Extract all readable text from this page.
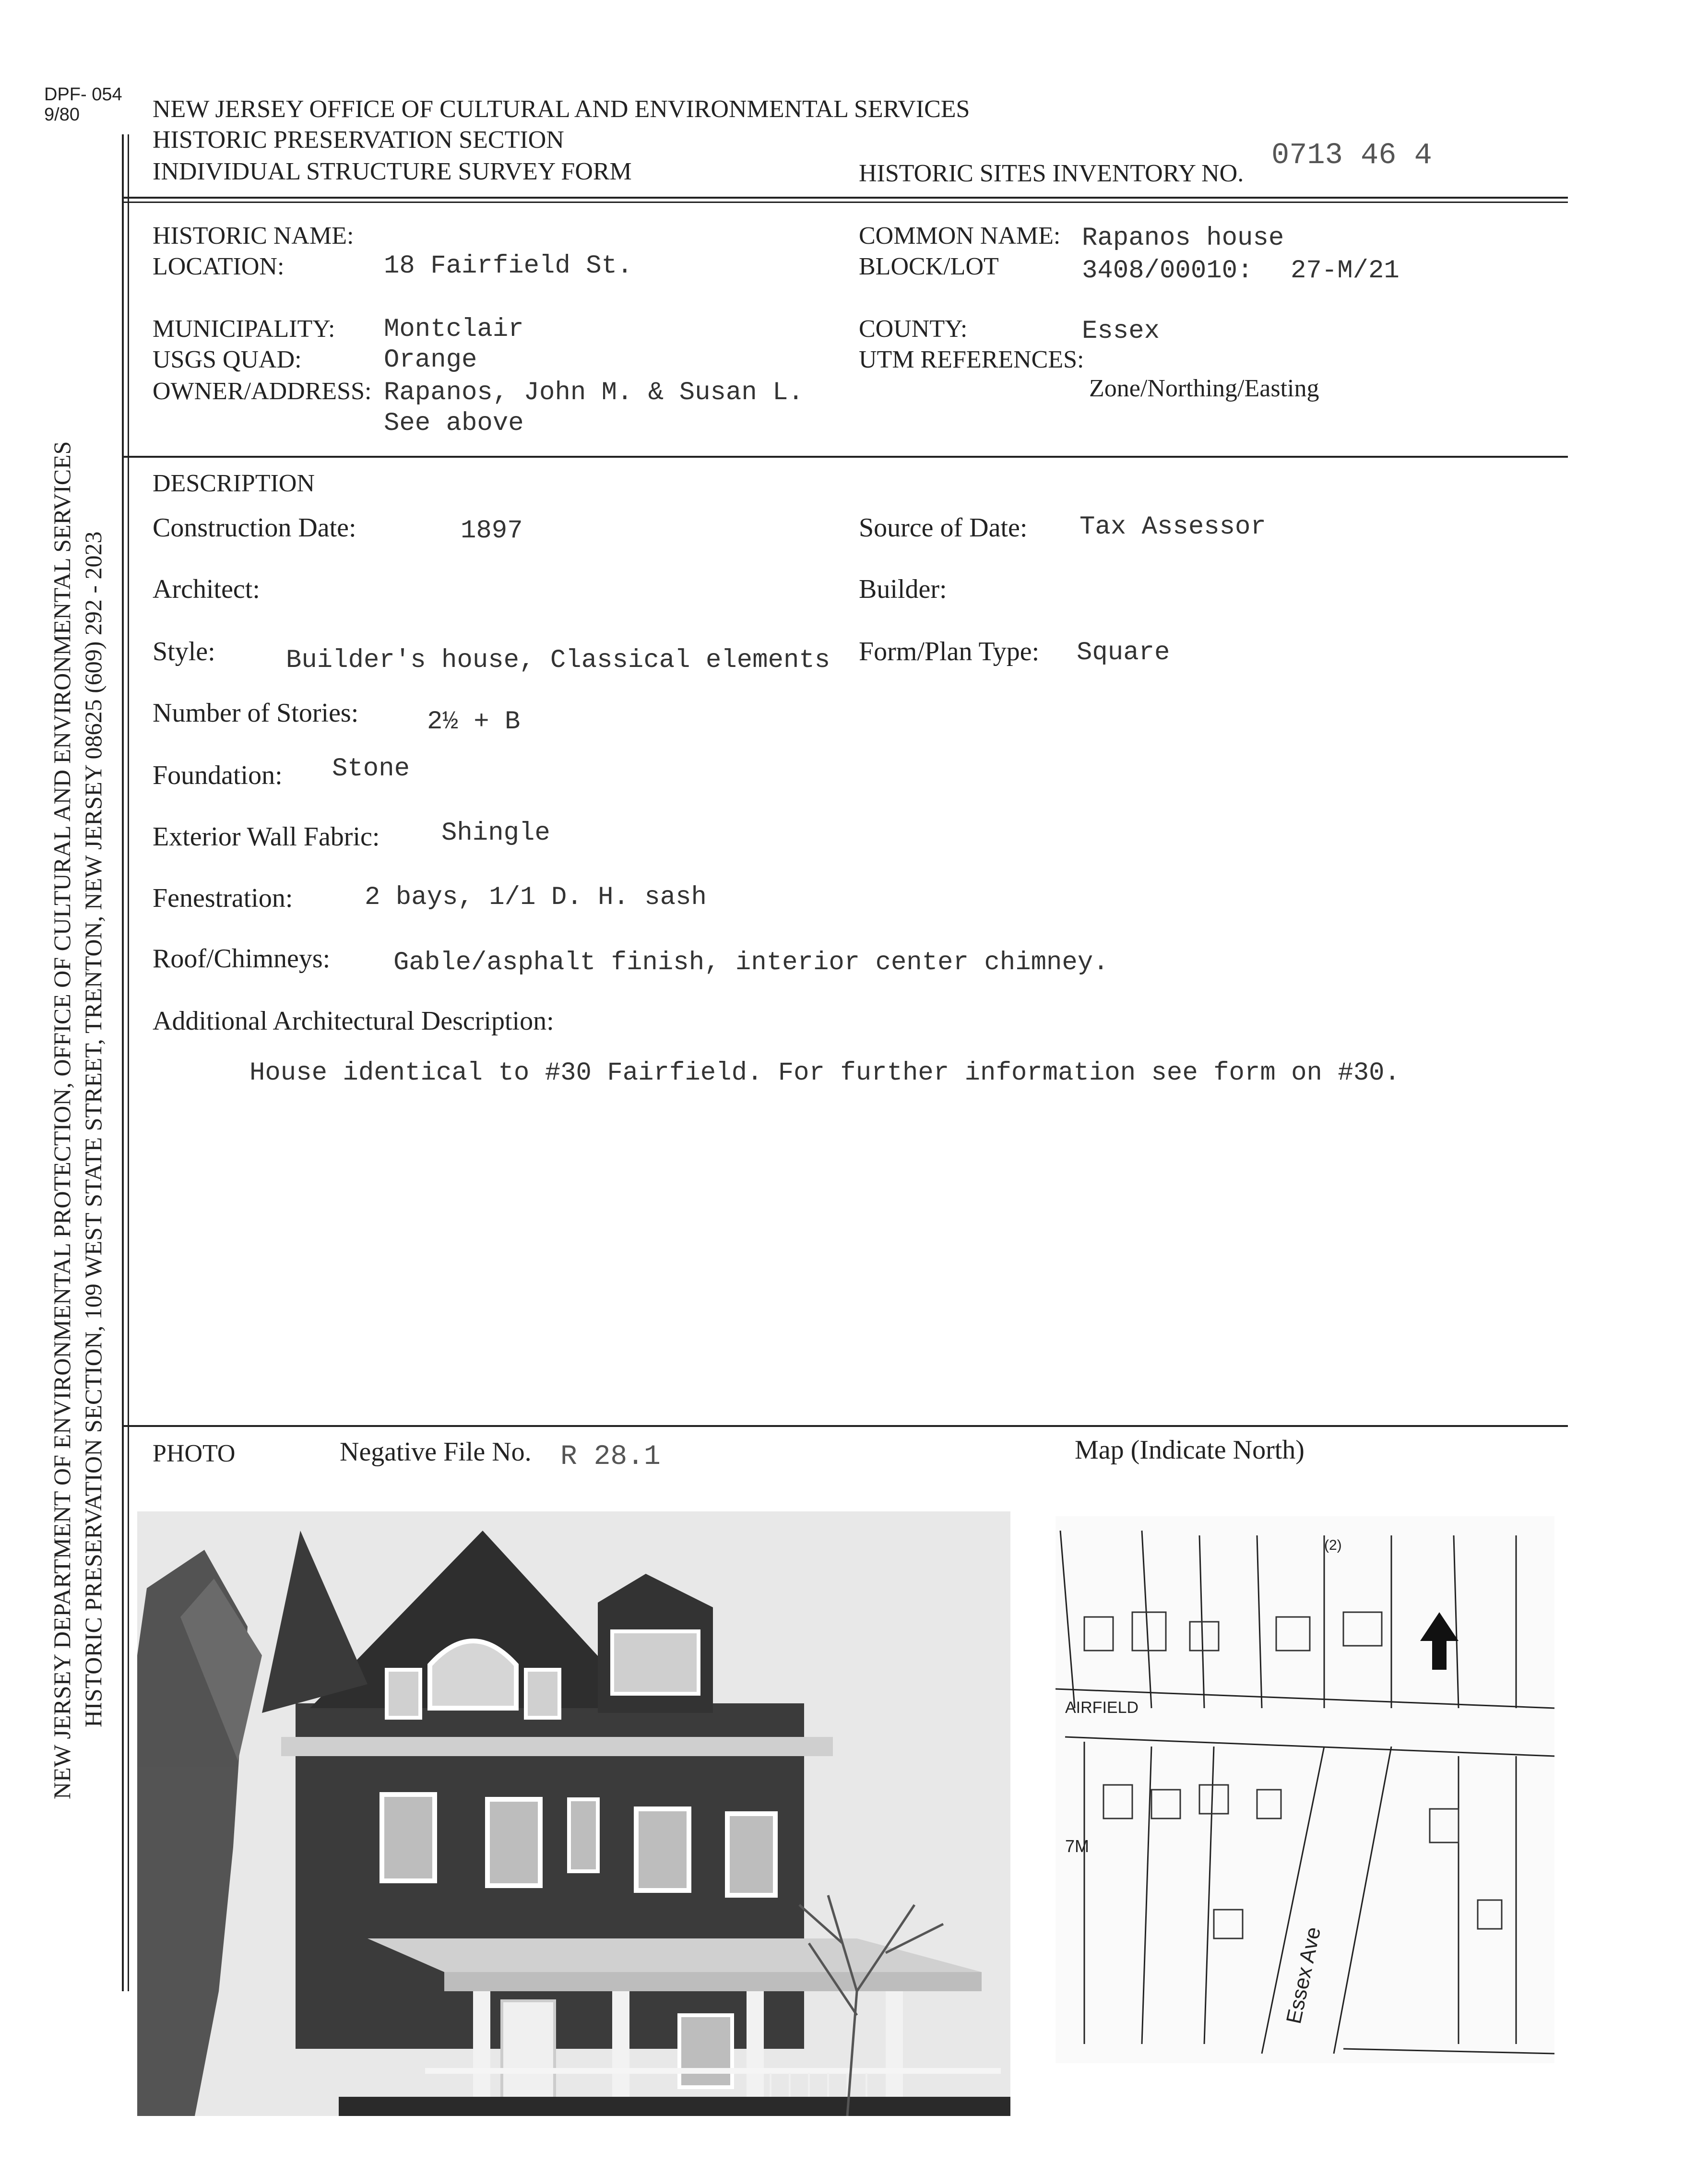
DPF- 054
9/80
NEW JERSEY DEPARTMENT OF ENVIRONMENTAL PROTECTION, OFFICE OF CULTURAL AND ENVIRONMENTAL SERVICES HISTORIC PRESERVATION SECTION, 109 WEST STATE STREET, TRENTON, NEW JERSEY 08625 (609) 292 - 2023
NEW JERSEY OFFICE OF CULTURAL AND ENVIRONMENTAL SERVICES
HISTORIC PRESERVATION SECTION
INDIVIDUAL STRUCTURE SURVEY FORM	HISTORIC SITES INVENTORY NO.
0713 46 4
HISTORIC NAME:
LOCATION:	18 Fairfield St.
MUNICIPALITY: Montclair
USGS QUAD:	Orange
OWNER/ADDRESS: Rapanos, John M. & Susan L.
See above
COMMON NAME: Rapanos house
BLOCK/LOT	3408/00010: 27-M/21
COUNTY:	Essex
UTM REFERENCES:
Zone/Northing/Easting
DESCRIPTION
Construction Date:	1897	Source of Date: Tax Assessor
Architect:	Builder:
Style:	Builder's house, Classical elements Form/Plan Type: Square
Number of Stories:	2½ + B
Foundation: Stone
Exterior Wall Fabric: Shingle
Fenestration:	2 bays, 1/1 D. H. sash
Roof/Chimneys: Gable/asphalt finish, interior center chimney.
Additional Architectural Description:
House identical to #30 Fairfield. For further information see form on #30.
PHOTO	Negative File No. R 28.1	Map (Indicate North)
AIRFIELD
Essex Ave
7M
(2)
